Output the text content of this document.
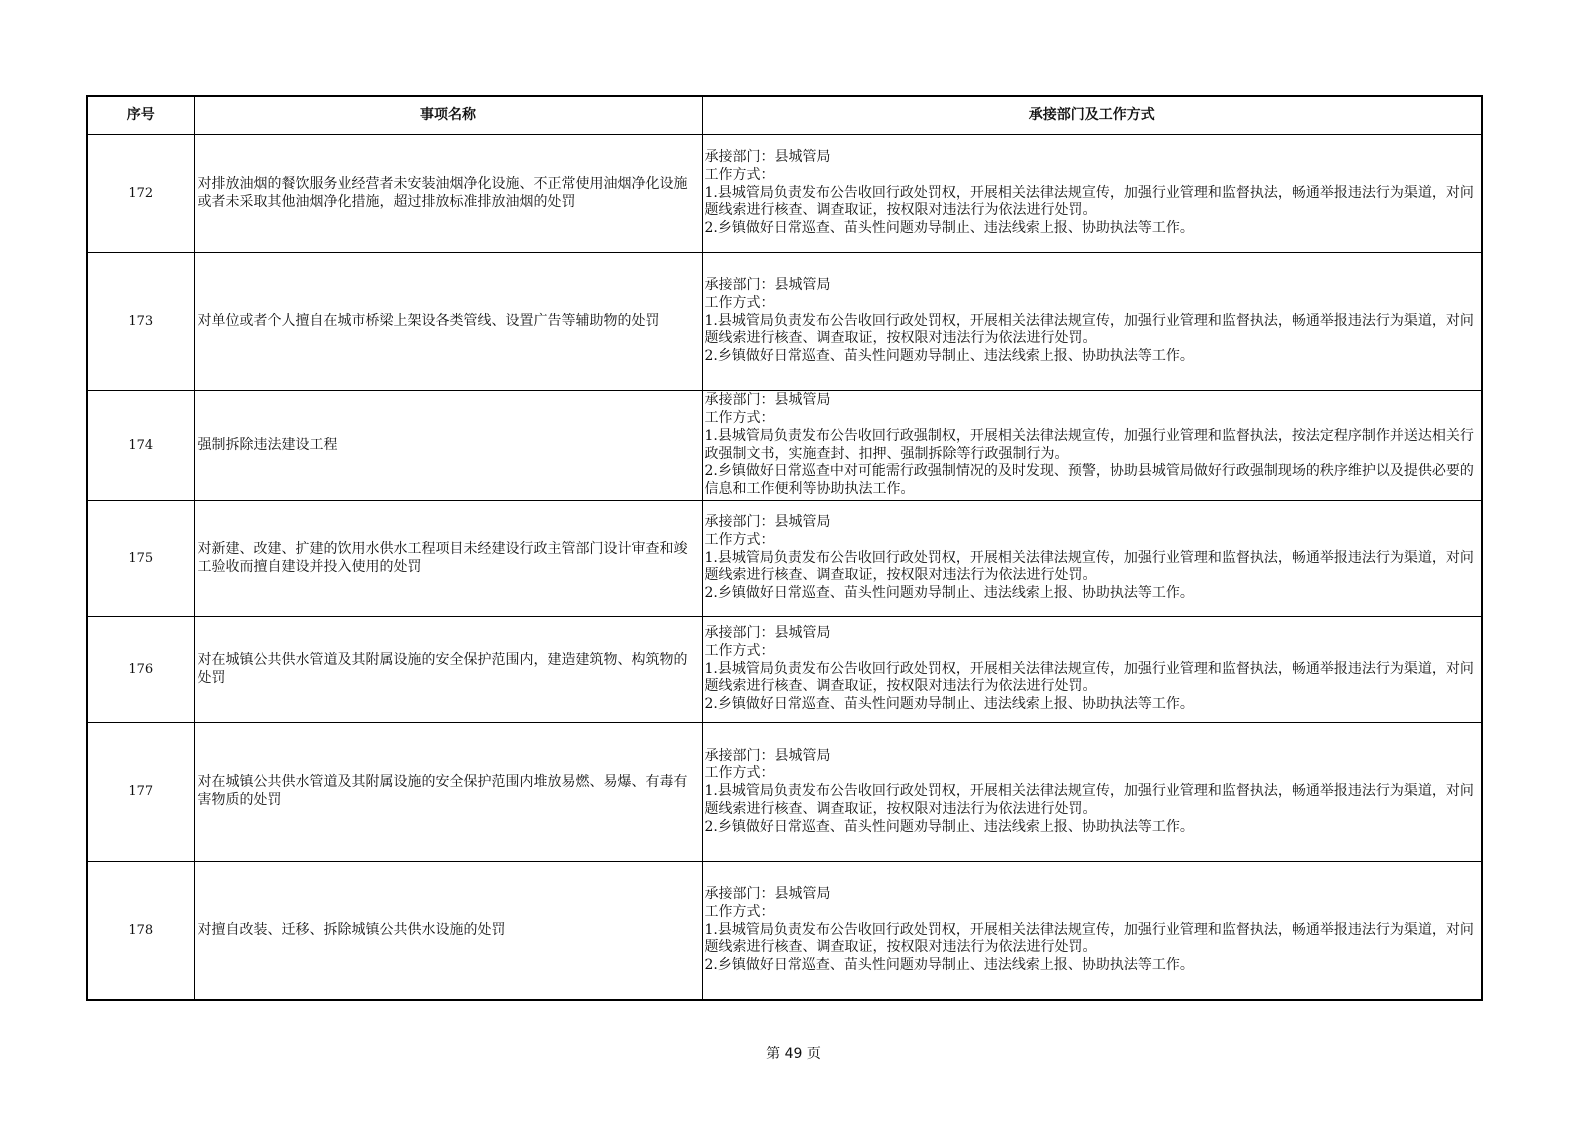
序号	事项名称	承接部门及工作方式
172	对排放油烟的餐饮服务业经营者未安装油烟净化设施、不正常使用油烟净化设施或者未采取其他油烟净化措施，超过排放标准排放油烟的处罚	承接部门：县城管局
工作方式：
1.县城管局负责发布公告收回行政处罚权，开展相关法律法规宣传，加强行业管理和监督执法，畅通举报违法行为渠道，对问题线索进行核查、调查取证，按权限对违法行为依法进行处罚。
2.乡镇做好日常巡查、苗头性问题劝导制止、违法线索上报、协助执法等工作。

173	对单位或者个人擅自在城市桥梁上架设各类管线、设置广告等辅助物的处罚	承接部门：县城管局
工作方式：
1.县城管局负责发布公告收回行政处罚权，开展相关法律法规宣传，加强行业管理和监督执法，畅通举报违法行为渠道，对问题线索进行核查、调查取证，按权限对违法行为依法进行处罚。
2.乡镇做好日常巡查、苗头性问题劝导制止、违法线索上报、协助执法等工作。

174	强制拆除违法建设工程	承接部门：县城管局
工作方式：
1.县城管局负责发布公告收回行政强制权，开展相关法律法规宣传，加强行业管理和监督执法，按法定程序制作并送达相关行政强制文书，实施查封、扣押、强制拆除等行政强制行为。
2.乡镇做好日常巡查中对可能需行政强制情况的及时发现、预警，协助县城管局做好行政强制现场的秩序维护以及提供必要的信息和工作便利等协助执法工作。

175	对新建、改建、扩建的饮用水供水工程项目未经建设行政主管部门设计审查和竣工验收而擅自建设并投入使用的处罚	承接部门：县城管局
工作方式：
1.县城管局负责发布公告收回行政处罚权，开展相关法律法规宣传，加强行业管理和监督执法，畅通举报违法行为渠道，对问题线索进行核查、调查取证，按权限对违法行为依法进行处罚。
2.乡镇做好日常巡查、苗头性问题劝导制止、违法线索上报、协助执法等工作。

176	对在城镇公共供水管道及其附属设施的安全保护范围内，建造建筑物、构筑物的处罚	承接部门：县城管局
工作方式：
1.县城管局负责发布公告收回行政处罚权，开展相关法律法规宣传，加强行业管理和监督执法，畅通举报违法行为渠道，对问题线索进行核查、调查取证，按权限对违法行为依法进行处罚。
2.乡镇做好日常巡查、苗头性问题劝导制止、违法线索上报、协助执法等工作。

177	对在城镇公共供水管道及其附属设施的安全保护范围内堆放易燃、易爆、有毒有害物质的处罚	承接部门：县城管局
工作方式：
1.县城管局负责发布公告收回行政处罚权，开展相关法律法规宣传，加强行业管理和监督执法，畅通举报违法行为渠道，对问题线索进行核查、调查取证，按权限对违法行为依法进行处罚。
2.乡镇做好日常巡查、苗头性问题劝导制止、违法线索上报、协助执法等工作。

178	对擅自改装、迁移、拆除城镇公共供水设施的处罚	承接部门：县城管局
工作方式：
1.县城管局负责发布公告收回行政处罚权，开展相关法律法规宣传，加强行业管理和监督执法，畅通举报违法行为渠道，对问题线索进行核查、调查取证，按权限对违法行为依法进行处罚。
2.乡镇做好日常巡查、苗头性问题劝导制止、违法线索上报、协助执法等工作。
第 49 页
